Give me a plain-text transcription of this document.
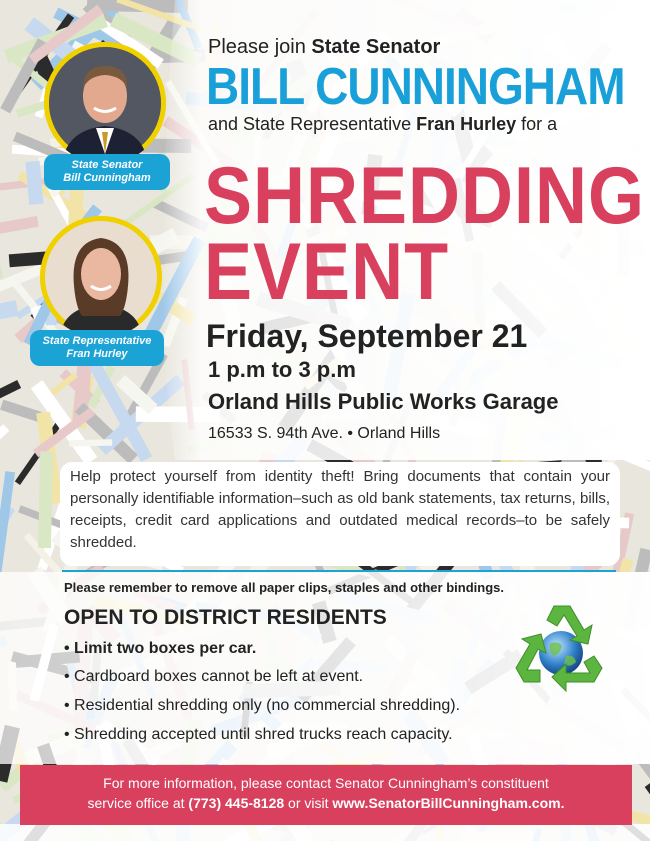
State Senator
Bill Cunningham
State Representative
Fran Hurley
Please join State Senator
BILL CUNNINGHAM
and State Representative Fran Hurley for a
SHREDDING
EVENT
Friday, September 21
1 p.m to 3 p.m
Orland Hills Public Works Garage
16533 S. 94th Ave. • Orland Hills
Help protect yourself from identity theft! Bring documents that contain your personally identifiable information–such as old bank statements, tax returns, bills, receipts, credit card applications and outdated medical records–to be safely shredded.
Please remember to remove all paper clips, staples and other bindings.
OPEN TO DISTRICT RESIDENTS
• Limit two boxes per car.
• Cardboard boxes cannot be left at event.
• Residential shredding only (no commercial shredding).
• Shredding accepted until shred trucks reach capacity.
For more information, please contact Senator Cunningham’s constituent
service office at (773) 445-8128 or visit www.SenatorBillCunningham.com.
